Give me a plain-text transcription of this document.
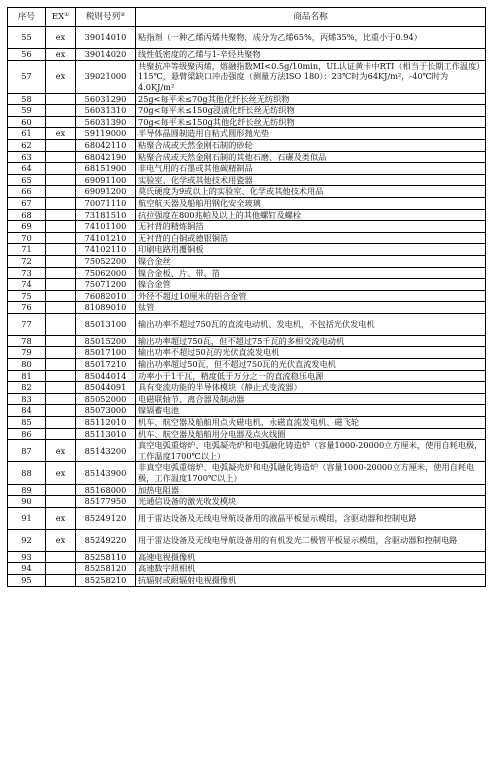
序号	EX①	税则号列②	商品名称
55	ex	39014010	粘指剂（一种乙烯丙烯共聚物，成分为乙烯65%，丙烯35%，比重小于0.94）
56	ex	39014020	线性低密度的乙烯与1-辛烃共聚物
57	ex	39021000	共聚抗冲等级聚丙烯，熔融指数MI<0.5g/10min，UL认证黄卡中RTI（相当于长期工作温度）115℃，悬臂梁缺口冲击强度（测量方法ISO 180）：23℃时为64KJ/m²，-40℃时为4.0KJ/m²
58		56031290	25g<每平米≤70g其他化纤长丝无纺织物
59		56031310	70g<每平米≤150g浸渍化纤长丝无纺织物
60		56031390	70g<每平米≤150g其他化纤长丝无纺织物
61	ex	59119000	半导体晶圆制造用自粘式圆形抛光垫
62		68042110	粘聚合成或天然金刚石制的砂轮
63		68042190	粘聚合成或天然金刚石制的其他石磨、石碾及类似品
64		68151900	非电气用的石墨或其他碳精制品
65		69091100	实验室、化学或其他技术用瓷器
66		69091200	莫氏硬度为9或以上的实验室、化学或其他技术用品
67		70071110	航空航天器及船舶用钢化安全玻璃
68		73181510	抗拉强度在800兆帕及以上的其他螺钉及螺栓
69		74101100	无衬背的精炼铜箔
70		74101210	无衬背的白铜或德银铜箔
71		74102110	印刷电路用覆铜板
72		75052200	镍合金丝
73		75062000	镍合金板、片、带、箔
74		75071200	镍合金管
75		76082010	外径不超过10厘米的铝合金管
76		81089010	钛管
77		85013100	输出功率不超过750瓦的直流电动机、发电机，不包括光伏发电机
78		85015200	输出功率超过750瓦，但不超过75千瓦的多相交流电动机
79		85017100	输出功率不超过50瓦的光伏直流发电机
80		85017210	输出功率超过50瓦，但不超过750瓦的光伏直流发电机
81		85044014	功率小于1千瓦，精度低于万分之一的直流稳压电源
82		85044091	具有变流功能的半导体模块（静止式变流器）
83		85052000	电磁联轴节、离合器及制动器
84		85073000	镍镉蓄电池
85		85112010	机车、航空器及船舶用点火磁电机，永磁直流发电机、磁飞轮
86		85113010	机车、航空器及船舶用分电器及点火线圈
87	ex	85143200	真空电弧重熔炉、电弧凝壳炉和电弧融化铸造炉（容量1000-20000立方厘米，使用自耗电极，工作温度1700℃以上）
88	ex	85143900	非真空电弧重熔炉、电弧凝壳炉和电弧融化铸造炉（容量1000-20000立方厘米，使用自耗电极，工作温度1700℃以上）
89		85168000	加热电阻器
90		85177950	光通信设备的激光收发模块
91	ex	85249120	用于雷达设备及无线电导航设备用的液晶平板显示模组，含驱动器和控制电路
92	ex	85249220	用于雷达设备及无线电导航设备用的有机发光二极管平板显示模组，含驱动器和控制电路
93		85258110	高速电视摄像机
94		85258120	高速数字照相机
95		85258210	抗辐射或耐辐射电视摄像机
